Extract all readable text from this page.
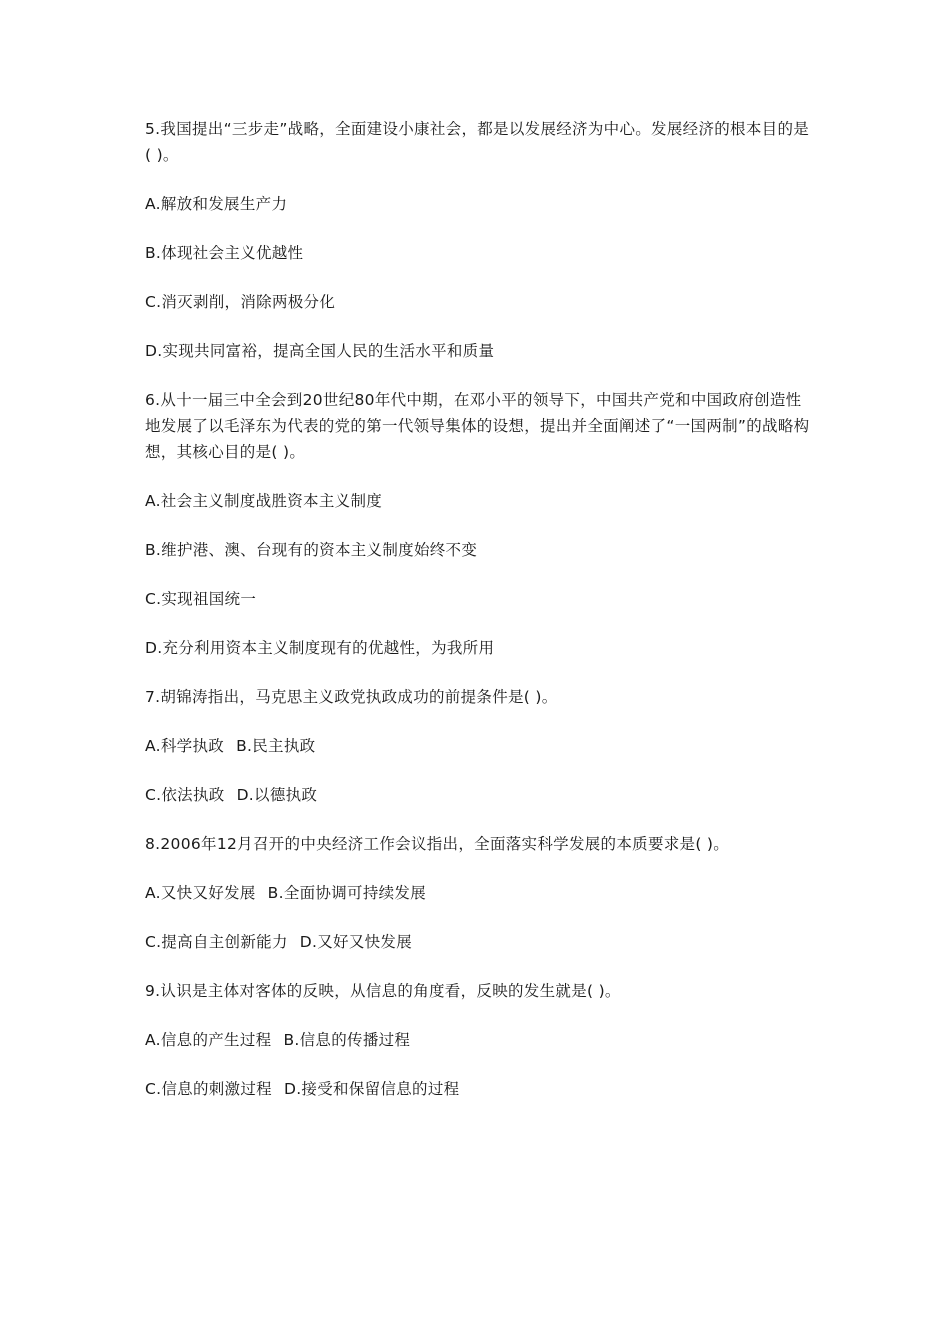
5.我国提出“三步走”战略，全面建设小康社会，都是以发展经济为中心。发展经济的根本目的是( )。

A.解放和发展生产力

B.体现社会主义优越性

C.消灭剥削，消除两极分化

D.实现共同富裕，提高全国人民的生活水平和质量

6.从十一届三中全会到20世纪80年代中期，在邓小平的领导下，中国共产党和中国政府创造性地发展了以毛泽东为代表的党的第一代领导集体的设想，提出并全面阐述了“一国两制”的战略构想，其核心目的是( )。

A.社会主义制度战胜资本主义制度

B.维护港、澳、台现有的资本主义制度始终不变

C.实现祖国统一

D.充分利用资本主义制度现有的优越性，为我所用

7.胡锦涛指出，马克思主义政党执政成功的前提条件是( )。

A.科学执政 B.民主执政

C.依法执政 D.以德执政

8.2006年12月召开的中央经济工作会议指出，全面落实科学发展的本质要求是( )。

A.又快又好发展 B.全面协调可持续发展

C.提高自主创新能力 D.又好又快发展

9.认识是主体对客体的反映，从信息的角度看，反映的发生就是( )。

A.信息的产生过程 B.信息的传播过程

C.信息的刺激过程 D.接受和保留信息的过程
